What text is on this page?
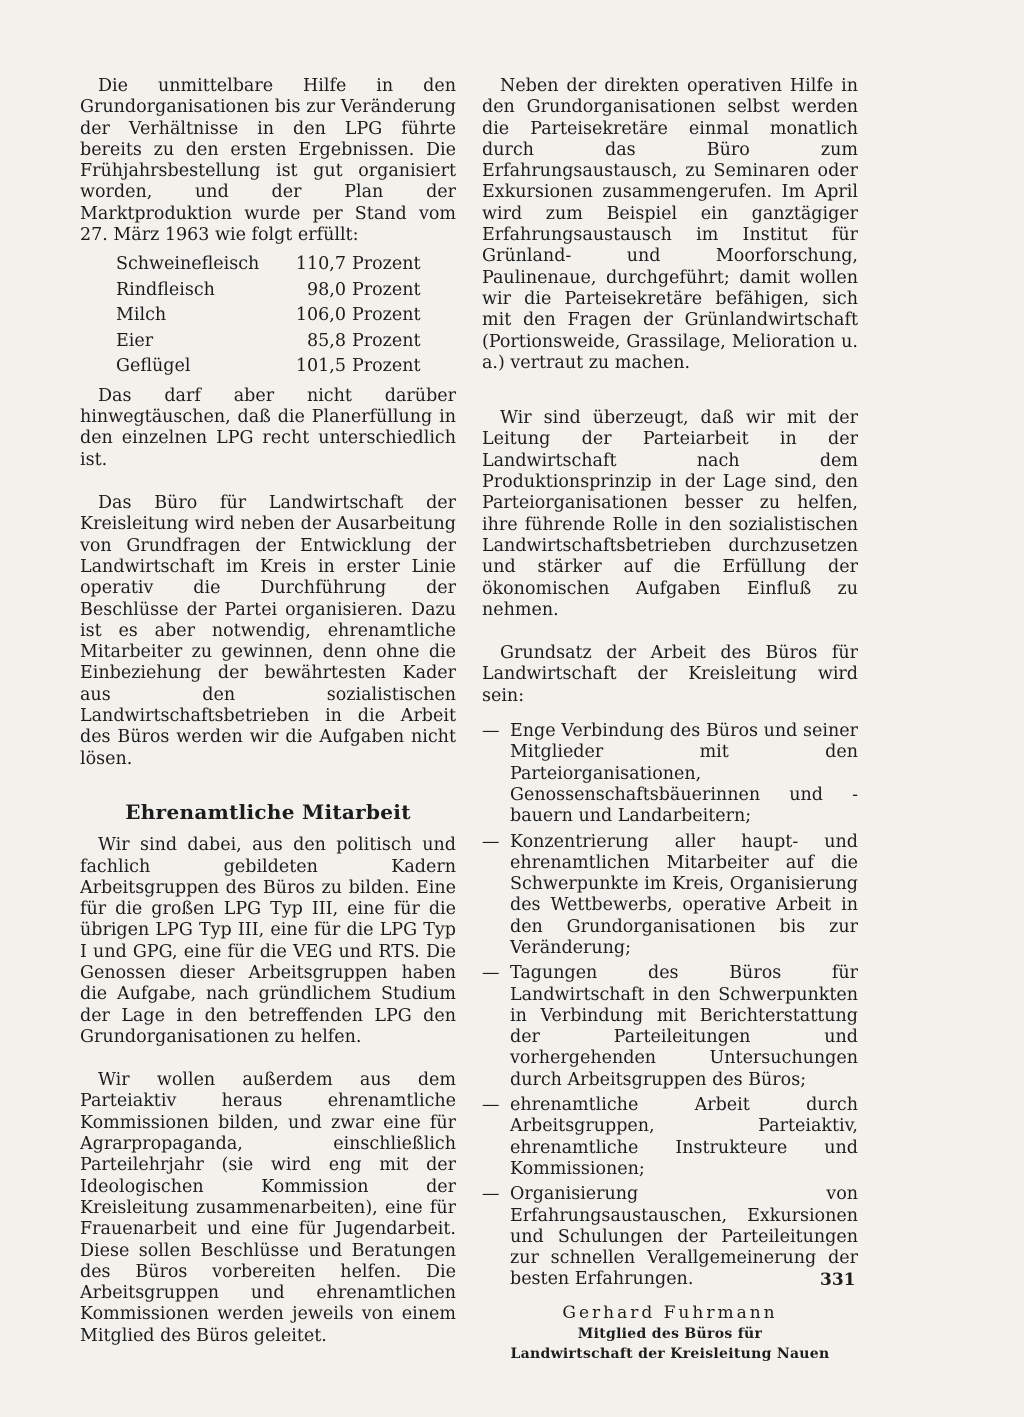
Die unmittelbare Hilfe in den Grundorganisationen bis zur Veränderung der Verhältnisse in den LPG führte bereits zu den ersten Ergebnissen. Die Frühjahrsbestellung ist gut organisiert worden, und der Plan der Marktproduktion wurde per Stand vom 27. März 1963 wie folgt erfüllt:

Schweinefleisch	110,7	Prozent
Rindfleisch	98,0	Prozent
Milch	106,0	Prozent
Eier	85,8	Prozent
Geflügel	101,5	Prozent

Das darf aber nicht darüber hinwegtäuschen, daß die Planerfüllung in den einzelnen LPG recht unterschiedlich ist.

Das Büro für Landwirtschaft der Kreisleitung wird neben der Ausarbeitung von Grundfragen der Entwicklung der Landwirtschaft im Kreis in erster Linie operativ die Durchführung der Beschlüsse der Partei organisieren. Dazu ist es aber notwendig, ehrenamtliche Mitarbeiter zu gewinnen, denn ohne die Einbeziehung der bewährtesten Kader aus den sozialistischen Landwirtschaftsbetrieben in die Arbeit des Büros werden wir die Aufgaben nicht lösen.

Ehrenamtliche Mitarbeit

Wir sind dabei, aus den politisch und fachlich gebildeten Kadern Arbeitsgruppen des Büros zu bilden. Eine für die großen LPG Typ III, eine für die übrigen LPG Typ III, eine für die LPG Typ I und GPG, eine für die VEG und RTS. Die Genossen dieser Arbeitsgruppen haben die Aufgabe, nach gründlichem Studium der Lage in den betreffenden LPG den Grundorganisationen zu helfen.

Wir wollen außerdem aus dem Parteiaktiv heraus ehrenamtliche Kommissionen bilden, und zwar eine für Agrarpropaganda, einschließlich Parteilehrjahr (sie wird eng mit der Ideologischen Kommission der Kreisleitung zusammenarbeiten), eine für Frauenarbeit und eine für Jugendarbeit. Diese sollen Beschlüsse und Beratungen des Büros vorbereiten helfen. Die Arbeitsgruppen und ehrenamtlichen Kommissionen werden jeweils von einem Mitglied des Büros geleitet.

Neben der direkten operativen Hilfe in den Grundorganisationen selbst werden die Parteisekretäre einmal monatlich durch das Büro zum Erfahrungsaustausch, zu Seminaren oder Exkursionen zusammengerufen. Im April wird zum Beispiel ein ganztägiger Erfahrungsaustausch im Institut für Grünland- und Moorforschung, Paulinenaue, durchgeführt; damit wollen wir die Parteisekretäre befähigen, sich mit den Fragen der Grünlandwirtschaft (Portionsweide, Grassilage, Melioration u. a.) vertraut zu machen.

Wir sind überzeugt, daß wir mit der Leitung der Parteiarbeit in der Landwirtschaft nach dem Produktionsprinzip in der Lage sind, den Parteiorganisationen besser zu helfen, ihre führende Rolle in den sozialistischen Landwirtschaftsbetrieben durchzusetzen und stärker auf die Erfüllung der ökonomischen Aufgaben Einfluß zu nehmen.

Grundsatz der Arbeit des Büros für Landwirtschaft der Kreisleitung wird sein:

— Enge Verbindung des Büros und seiner Mitglieder mit den Parteiorganisationen, Genossenschaftsbäuerinnen und -bauern und Landarbeitern;
— Konzentrierung aller haupt- und ehrenamtlichen Mitarbeiter auf die Schwerpunkte im Kreis, Organisierung des Wettbewerbs, operative Arbeit in den Grundorganisationen bis zur Veränderung;
— Tagungen des Büros für Landwirtschaft in den Schwerpunkten in Verbindung mit Berichterstattung der Parteileitungen und vorhergehenden Untersuchungen durch Arbeitsgruppen des Büros;
— ehrenamtliche Arbeit durch Arbeitsgruppen, Parteiaktiv, ehrenamtliche Instrukteure und Kommissionen;
— Organisierung von Erfahrungsaustauschen, Exkursionen und Schulungen der Parteileitungen zur schnellen Verallgemeinerung der besten Erfahrungen.
Gerhard Fuhrmann
Mitglied des Büros für
Landwirtschaft der Kreisleitung Nauen
331
